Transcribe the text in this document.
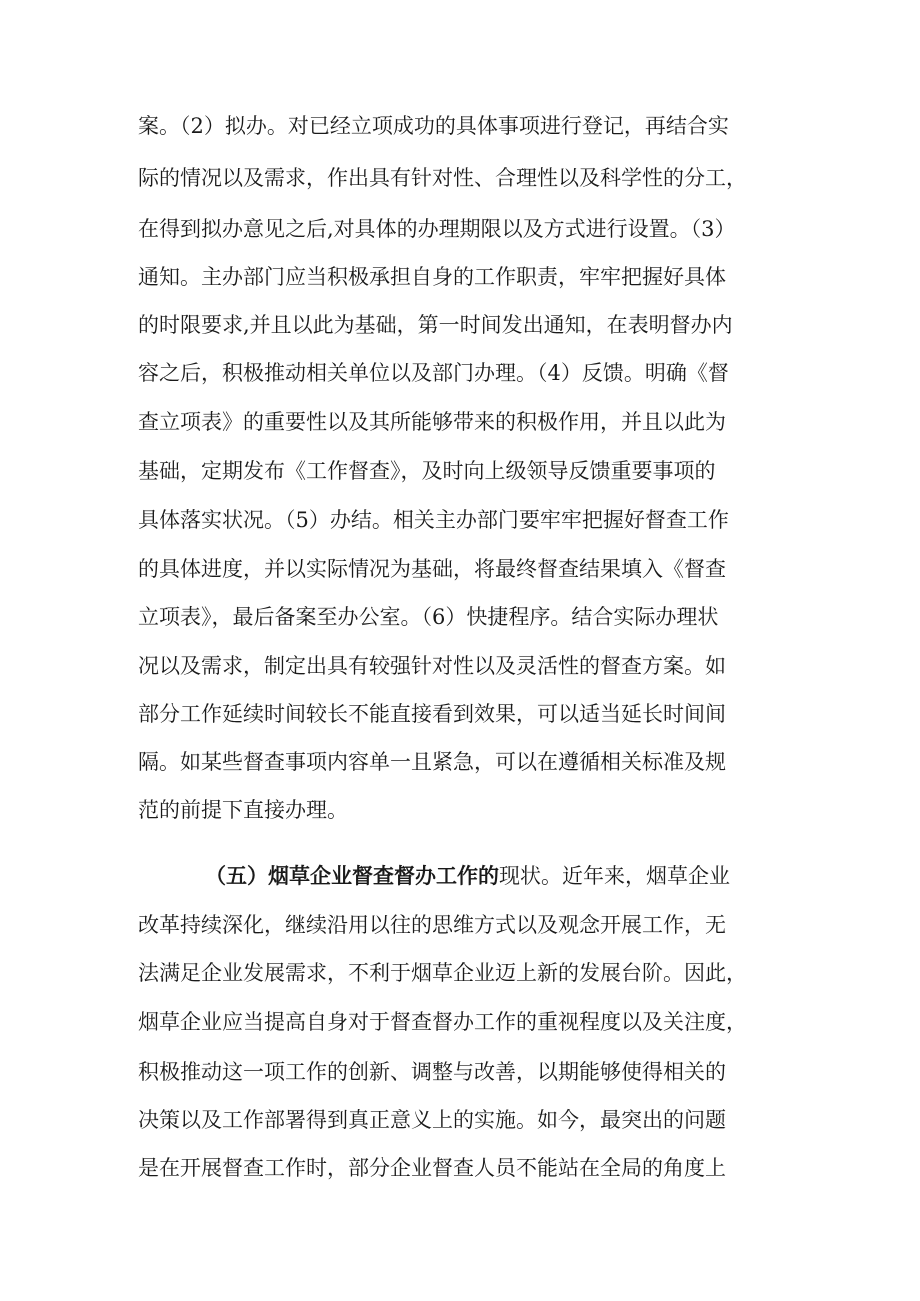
案。（2）拟办。对已经立项成功的具体事项进行登记，再结合实
际的情况以及需求，作出具有针对性、合理性以及科学性的分工，
在得到拟办意见之后,对具体的办理期限以及方式进行设置。（3）
通知。主办部门应当积极承担自身的工作职责，牢牢把握好具体
的时限要求,并且以此为基础，第一时间发出通知，在表明督办内
容之后，积极推动相关单位以及部门办理。（4）反馈。明确《督
查立项表》的重要性以及其所能够带来的积极作用，并且以此为
基础，定期发布《工作督查》，及时向上级领导反馈重要事项的
具体落实状况。（5）办结。相关主办部门要牢牢把握好督查工作
的具体进度，并以实际情况为基础，将最终督查结果填入《督查
立项表》，最后备案至办公室。（6）快捷程序。结合实际办理状
况以及需求，制定出具有较强针对性以及灵活性的督查方案。如
部分工作延续时间较长不能直接看到效果，可以适当延长时间间
隔。如某些督查事项内容单一且紧急，可以在遵循相关标准及规
范的前提下直接办理。
（五）烟草企业督查督办工作的现状。近年来，烟草企业
改革持续深化，继续沿用以往的思维方式以及观念开展工作，无
法满足企业发展需求，不利于烟草企业迈上新的发展台阶。因此，
烟草企业应当提高自身对于督查督办工作的重视程度以及关注度，
积极推动这一项工作的创新、调整与改善，以期能够使得相关的
决策以及工作部署得到真正意义上的实施。如今，最突出的问题
是在开展督查工作时，部分企业督查人员不能站在全局的角度上
